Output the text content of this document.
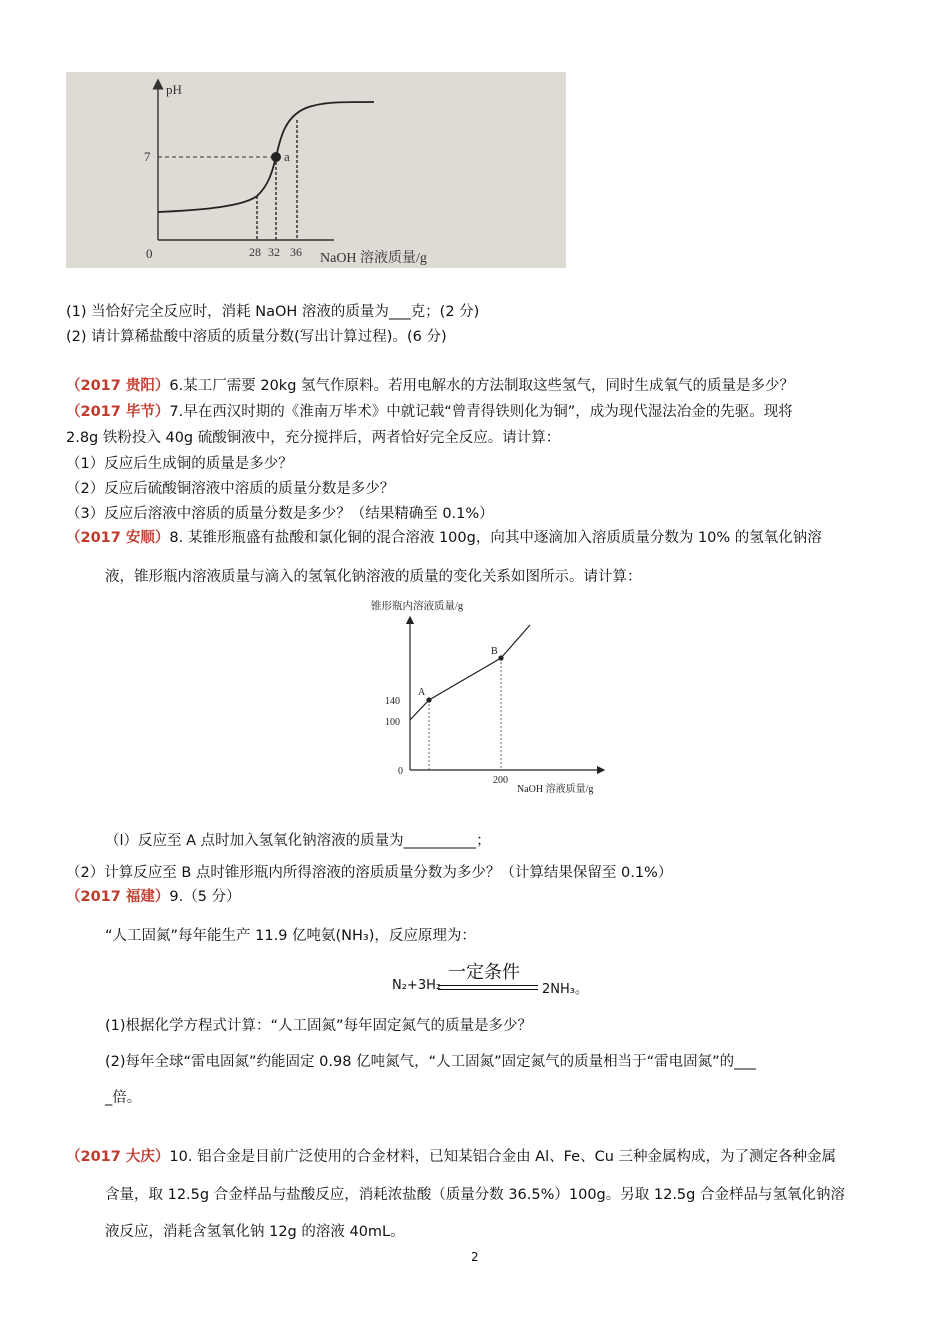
pH
7
0	28 32 36 NaOH 溶液质量/g
a
(1) 当恰好完全反应时，消耗 NaOH 溶液的质量为___克；(2 分)
(2) 请计算稀盐酸中溶质的质量分数(写出计算过程)。(6 分)
（2017 贵阳）6.某工厂需要 20kg 氢气作原料。若用电解水的方法制取这些氢气，同时生成氧气的质量是多少？
（2017 毕节）7.早在西汉时期的《淮南万毕术》中就记载“曾青得铁则化为铜”，成为现代湿法冶金的先驱。现将
2.8g 铁粉投入 40g 硫酸铜液中，充分搅拌后，两者恰好完全反应。请计算：
（1）反应后生成铜的质量是多少？
（2）反应后硫酸铜溶液中溶质的质量分数是多少？
（3）反应后溶液中溶质的质量分数是多少？（结果精确至 0.1%）
（2017 安顺）8. 某锥形瓶盛有盐酸和氯化铜的混合溶液 100g，向其中逐滴加入溶质质量分数为 10% 的氢氧化钠溶
液，锥形瓶内溶液质量与滴入的氢氧化钠溶液的质量的变化关系如图所示。请计算：
锥形瓶内溶液质量/g
140
100
0
200
NaOH 溶液质量/g
A
B
（l）反应至 A 点时加入氢氧化钠溶液的质量为__________；
（2）计算反应至 B 点时锥形瓶内所得溶液的溶质质量分数为多少？（计算结果保留至 0.1%）
（2017 福建）9.（5 分）
“人工固氮”每年能生产 11.9 亿吨氨(NH₃)，反应原理为：
一定条件
N₂+3H₂	2NH₃。
(1)根据化学方程式计算：“人工固氮”每年固定氮气的质量是多少？
(2)每年全球“雷电固氮”约能固定 0.98 亿吨氮气，“人工固氮”固定氮气的质量相当于“雷电固氮”的___
_倍。
（2017 大庆）10. 铝合金是目前广泛使用的合金材料，已知某铝合金由 Al、Fe、Cu 三种金属构成，为了测定各种金属
含量，取 12.5g 合金样品与盐酸反应，消耗浓盐酸（质量分数 36.5%）100g。另取 12.5g 合金样品与氢氧化钠溶
液反应，消耗含氢氧化钠 12g 的溶液 40mL。
2
